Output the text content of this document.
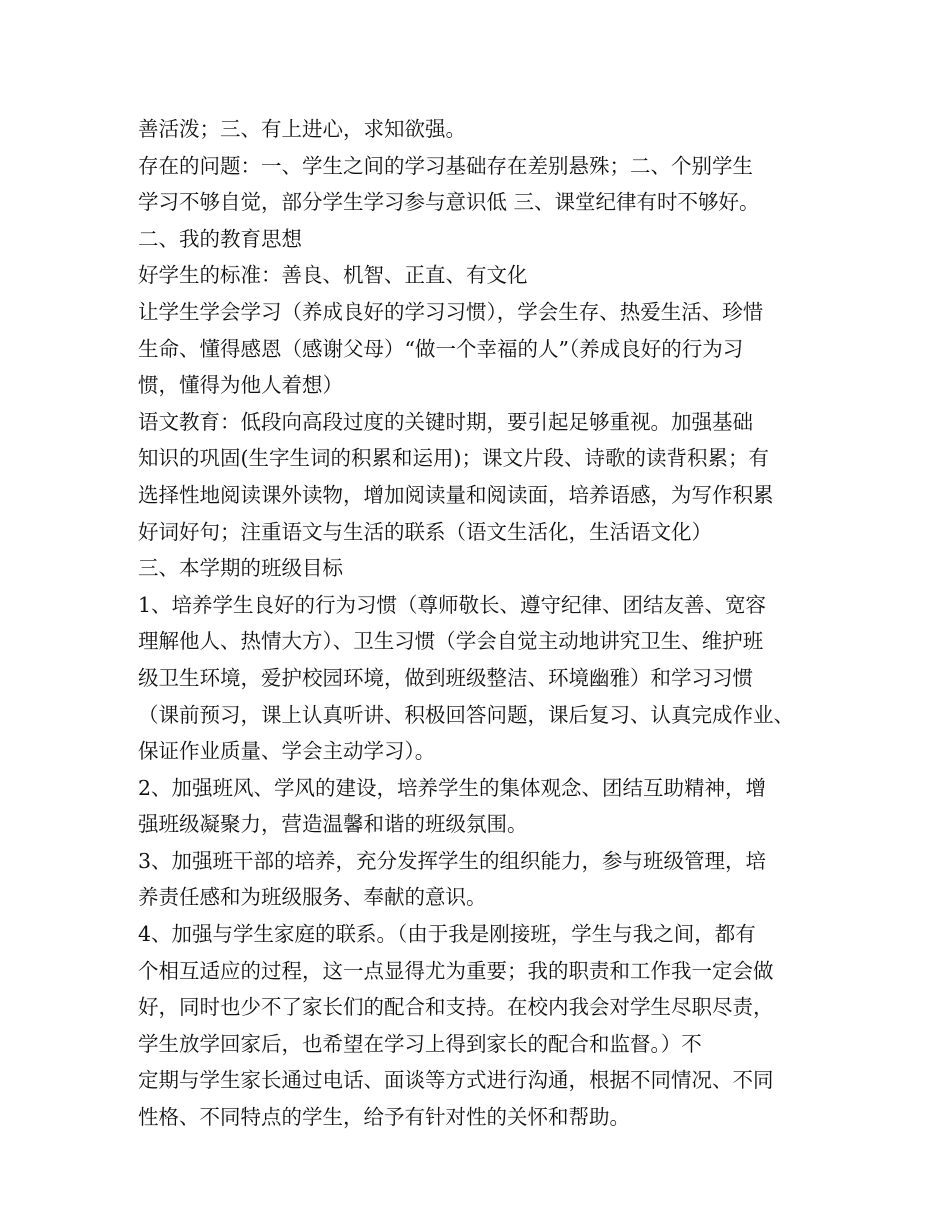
善活泼；三、有上进心，求知欲强。
存在的问题：一、学生之间的学习基础存在差别悬殊；二、个别学生
学习不够自觉，部分学生学习参与意识低 三、课堂纪律有时不够好。
二、我的教育思想
好学生的标准：善良、机智、正直、有文化
让学生学会学习（养成良好的学习习惯），学会生存、热爱生活、珍惜
生命、懂得感恩（感谢父母）“做一个幸福的人”（养成良好的行为习
惯，懂得为他人着想）
语文教育：低段向高段过度的关键时期，要引起足够重视。加强基础
知识的巩固(生字生词的积累和运用)；课文片段、诗歌的读背积累；有
选择性地阅读课外读物，增加阅读量和阅读面，培养语感，为写作积累
好词好句；注重语文与生活的联系（语文生活化，生活语文化）
三、本学期的班级目标
1、培养学生良好的行为习惯（尊师敬长、遵守纪律、团结友善、宽容
理解他人、热情大方）、卫生习惯（学会自觉主动地讲究卫生、维护班
级卫生环境，爱护校园环境，做到班级整洁、环境幽雅）和学习习惯
（课前预习，课上认真听讲、积极回答问题，课后复习、认真完成作业、
保证作业质量、学会主动学习）。
2、加强班风、学风的建设，培养学生的集体观念、团结互助精神，增
强班级凝聚力，营造温馨和谐的班级氛围。
3、加强班干部的培养，充分发挥学生的组织能力，参与班级管理，培
养责任感和为班级服务、奉献的意识。
4、加强与学生家庭的联系。（由于我是刚接班，学生与我之间，都有
个相互适应的过程，这一点显得尤为重要；我的职责和工作我一定会做
好，同时也少不了家长们的配合和支持。在校内我会对学生尽职尽责，
学生放学回家后，也希望在学习上得到家长的配合和监督。）不
定期与学生家长通过电话、面谈等方式进行沟通，根据不同情况、不同
性格、不同特点的学生，给予有针对性的关怀和帮助。
